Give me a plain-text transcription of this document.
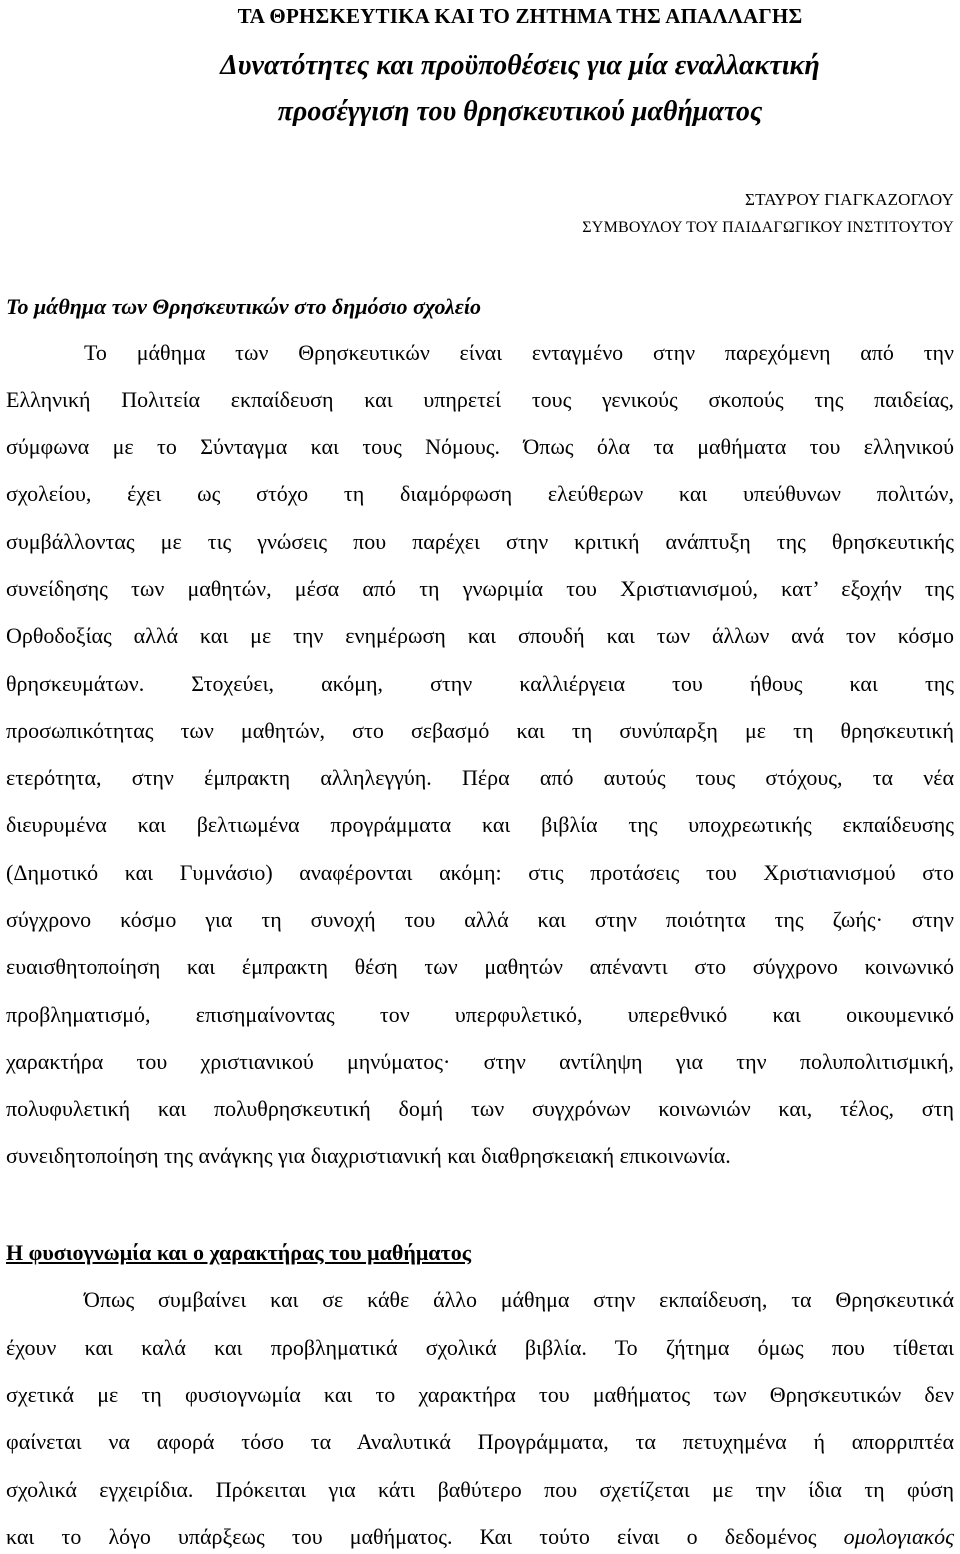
ΤΑ ΘΡΗΣΚΕΥΤΙΚΑ ΚΑΙ ΤΟ ΖΗΤΗΜΑ ΤΗΣ ΑΠΑΛΛΑΓΗΣ
Δυνατότητες και προϋποθέσεις για μία εναλλακτική
προσέγγιση του θρησκευτικού μαθήματος
ΣΤΑΥΡΟΥ ΓΙΑΓΚΑΖΟΓΛΟΥ
ΣΥΜΒΟΥΛΟΥ ΤΟΥ ΠΑΙΔΑΓΩΓΙΚΟΥ ΙΝΣΤΙΤΟΥΤΟΥ
Το μάθημα των Θρησκευτικών στο δημόσιο σχολείο
Το μάθημα των Θρησκευτικών είναι ενταγμένο στην παρεχόμενη από την
Ελληνική Πολιτεία εκπαίδευση και υπηρετεί τους γενικούς σκοπούς της παιδείας,
σύμφωνα με το Σύνταγμα και τους Νόμους. Όπως όλα τα μαθήματα του ελληνικού
σχολείου, έχει ως στόχο τη διαμόρφωση ελεύθερων και υπεύθυνων πολιτών,
συμβάλλοντας με τις γνώσεις που παρέχει στην κριτική ανάπτυξη της θρησκευτικής
συνείδησης των μαθητών, μέσα από τη γνωριμία του Χριστιανισμού, κατ’ εξοχήν της
Ορθοδοξίας αλλά και με την ενημέρωση και σπουδή και των άλλων ανά τον κόσμο
θρησκευμάτων. Στοχεύει, ακόμη, στην καλλιέργεια του ήθους και της
προσωπικότητας των μαθητών, στο σεβασμό και τη συνύπαρξη με τη θρησκευτική
ετερότητα, στην έμπρακτη αλληλεγγύη. Πέρα από αυτούς τους στόχους, τα νέα
διευρυμένα και βελτιωμένα προγράμματα και βιβλία της υποχρεωτικής εκπαίδευσης
(Δημοτικό και Γυμνάσιο) αναφέρονται ακόμη: στις προτάσεις του Χριστιανισμού στο
σύγχρονο κόσμο για τη συνοχή του αλλά και στην ποιότητα της ζωής· στην
ευαισθητοποίηση και έμπρακτη θέση των μαθητών απέναντι στο σύγχρονο κοινωνικό
προβληματισμό, επισημαίνοντας τον υπερφυλετικό, υπερεθνικό και οικουμενικό
χαρακτήρα του χριστιανικού μηνύματος· στην αντίληψη για την πολυπολιτισμική,
πολυφυλετική και πολυθρησκευτική δομή των συγχρόνων κοινωνιών και, τέλος, στη
συνειδητοποίηση της ανάγκης για διαχριστιανική και διαθρησκειακή επικοινωνία.
Η φυσιογνωμία και ο χαρακτήρας του μαθήματος
Όπως συμβαίνει και σε κάθε άλλο μάθημα στην εκπαίδευση, τα Θρησκευτικά
έχουν και καλά και προβληματικά σχολικά βιβλία. Το ζήτημα όμως που τίθεται
σχετικά με τη φυσιογνωμία και το χαρακτήρα του μαθήματος των Θρησκευτικών δεν
φαίνεται να αφορά τόσο τα Αναλυτικά Προγράμματα, τα πετυχημένα ή απορριπτέα
σχολικά εγχειρίδια. Πρόκειται για κάτι βαθύτερο που σχετίζεται με την ίδια τη φύση
και το λόγο υπάρξεως του μαθήματος. Και τούτο είναι ο δεδομένος ομολογιακός
